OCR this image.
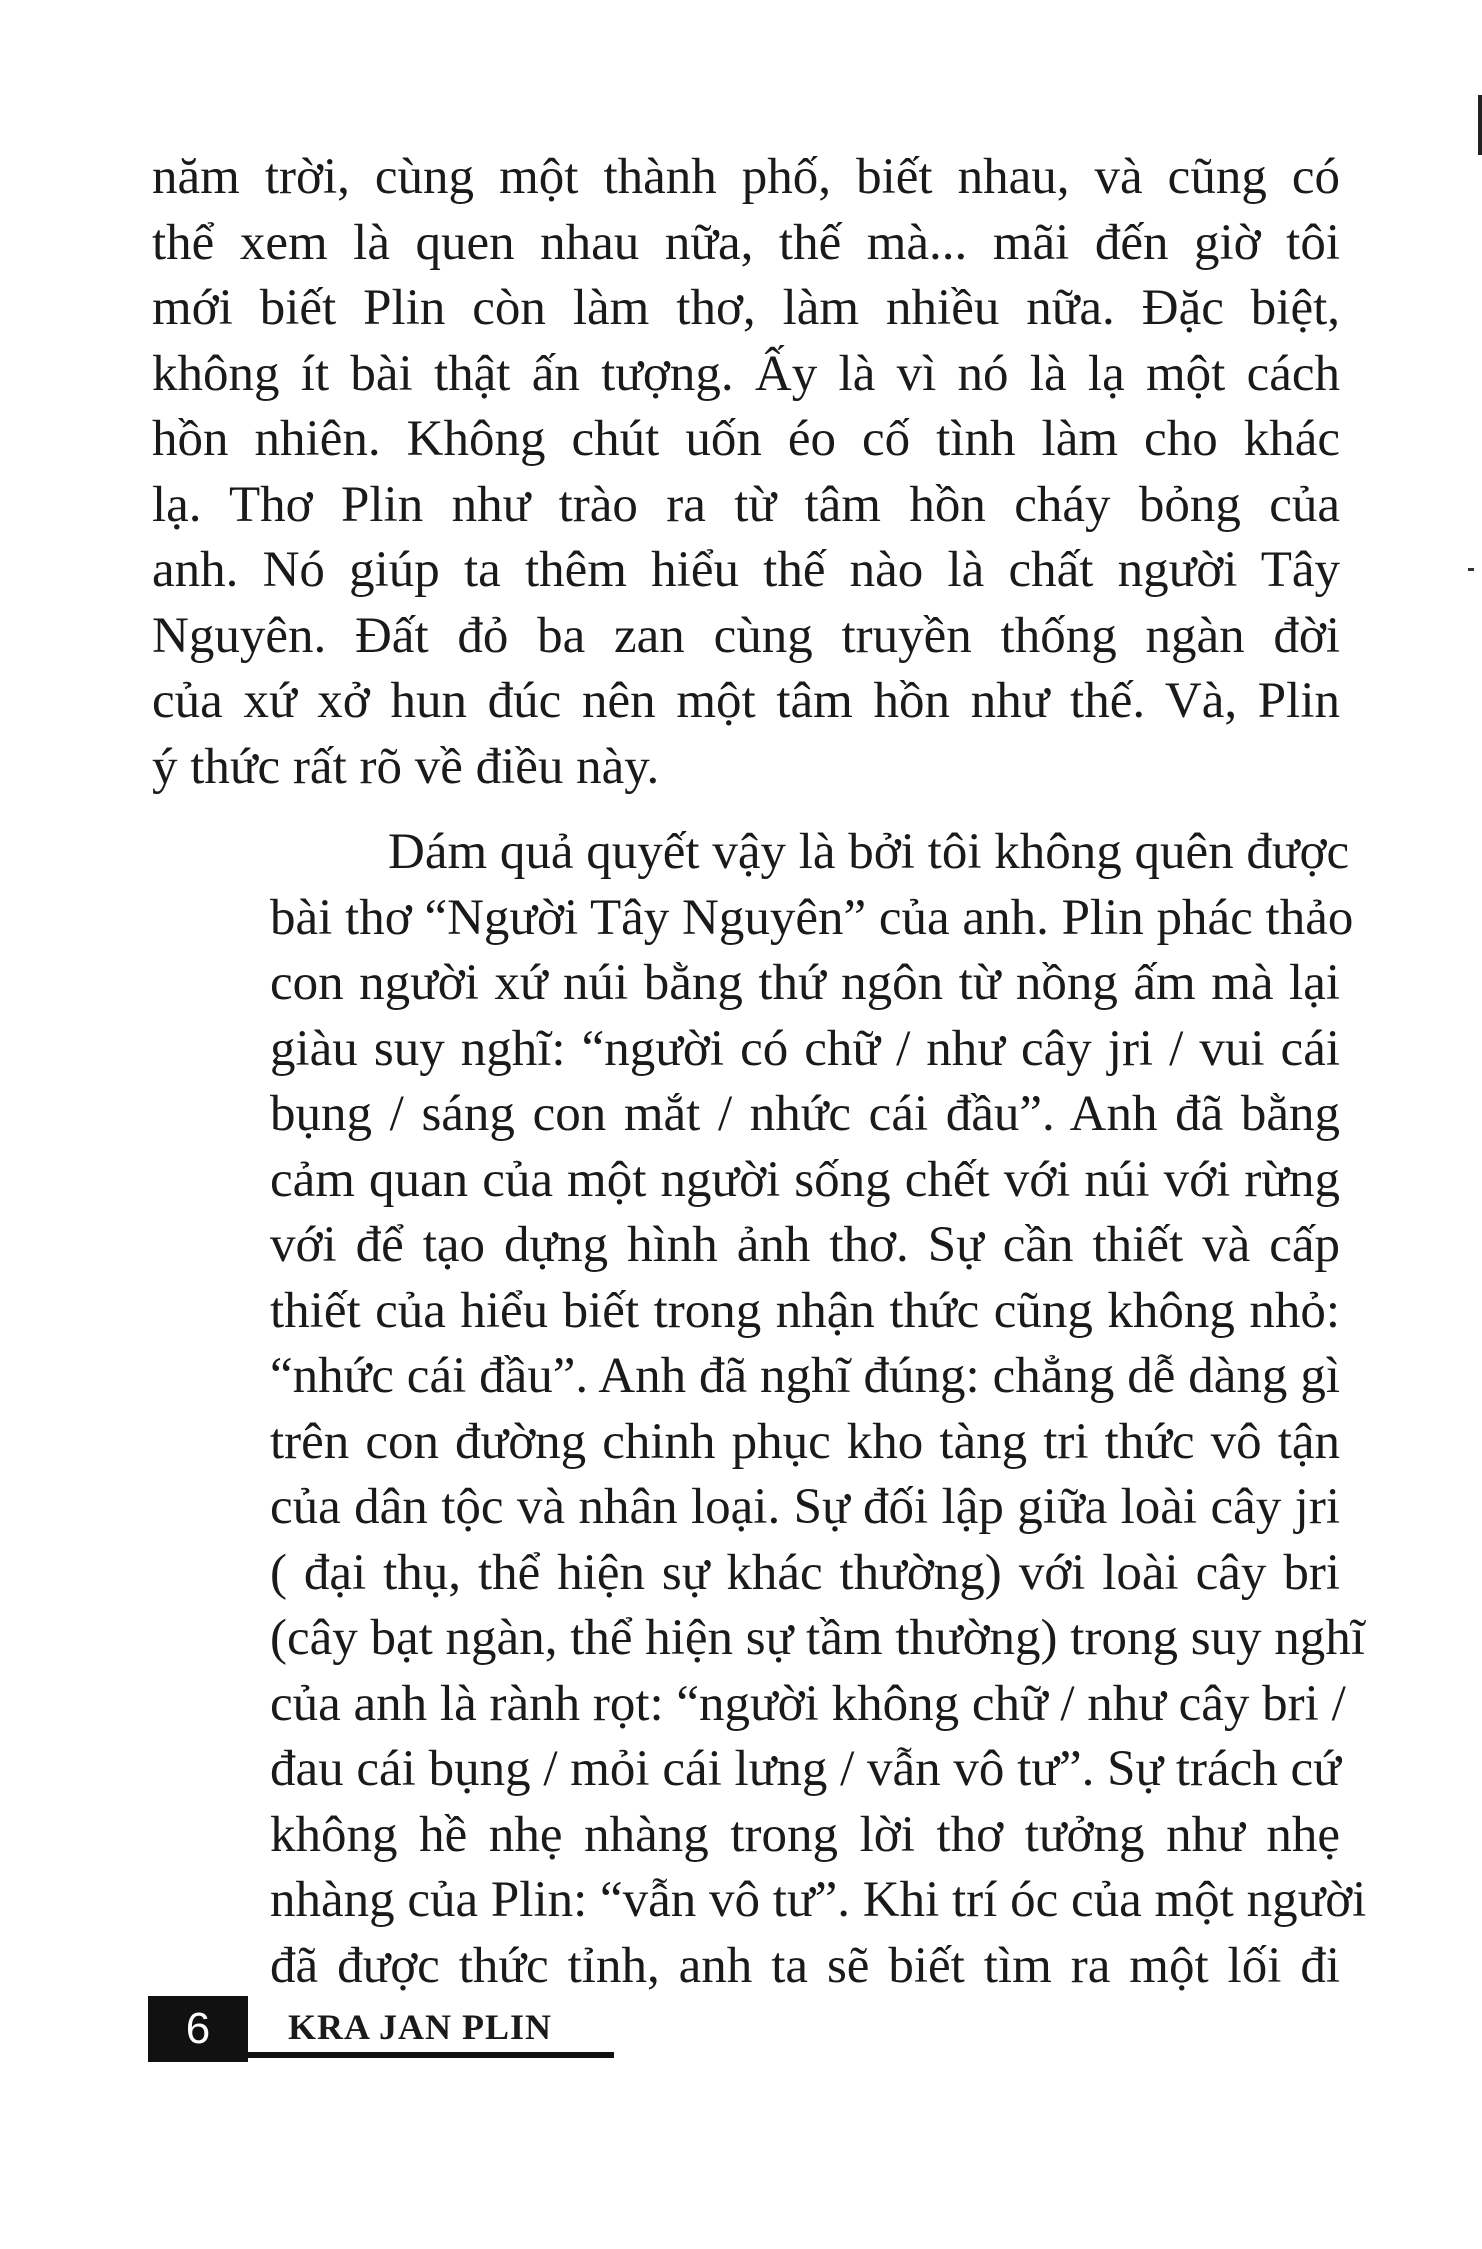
năm trời, cùng một thành phố, biết nhau, và cũng có
thể xem là quen nhau nữa, thế mà... mãi đến giờ tôi
mới biết Plin còn làm thơ, làm nhiều nữa. Đặc biệt,
không ít bài thật ấn tượng. Ấy là vì nó là lạ một cách
hồn nhiên. Không chút uốn éo cố tình làm cho khác
lạ. Thơ Plin như trào ra từ tâm hồn cháy bỏng của
anh. Nó giúp ta thêm hiểu thế nào là chất người Tây
Nguyên. Đất đỏ ba zan cùng truyền thống ngàn đời
của xứ xở hun đúc nên một tâm hồn như thế. Và, Plin
ý thức rất rõ về điều này.
Dám quả quyết vậy là bởi tôi không quên được
bài thơ “Người Tây Nguyên” của anh. Plin phác thảo
con người xứ núi bằng thứ ngôn từ nồng ấm mà lại
giàu suy nghĩ: “người có chữ / như cây jri / vui cái
bụng / sáng con mắt / nhức cái đầu”. Anh đã bằng
cảm quan của một người sống chết với núi với rừng
với để tạo dựng hình ảnh thơ. Sự cần thiết và cấp
thiết của hiểu biết trong nhận thức cũng không nhỏ:
“nhức cái đầu”. Anh đã nghĩ đúng: chẳng dễ dàng gì
trên con đường chinh phục kho tàng tri thức vô tận
của dân tộc và nhân loại. Sự đối lập giữa loài cây jri
( đại thụ, thể hiện sự khác thường) với loài cây bri
(cây bạt ngàn, thể hiện sự tầm thường) trong suy nghĩ
của anh là rành rọt: “người không chữ / như cây bri /
đau cái bụng / mỏi cái lưng / vẫn vô tư”. Sự trách cứ
không hề nhẹ nhàng trong lời thơ tưởng như nhẹ
nhàng của Plin: “vẫn vô tư”. Khi trí óc của một người
đã được thức tỉnh, anh ta sẽ biết tìm ra một lối đi
6	KRA JAN PLIN
